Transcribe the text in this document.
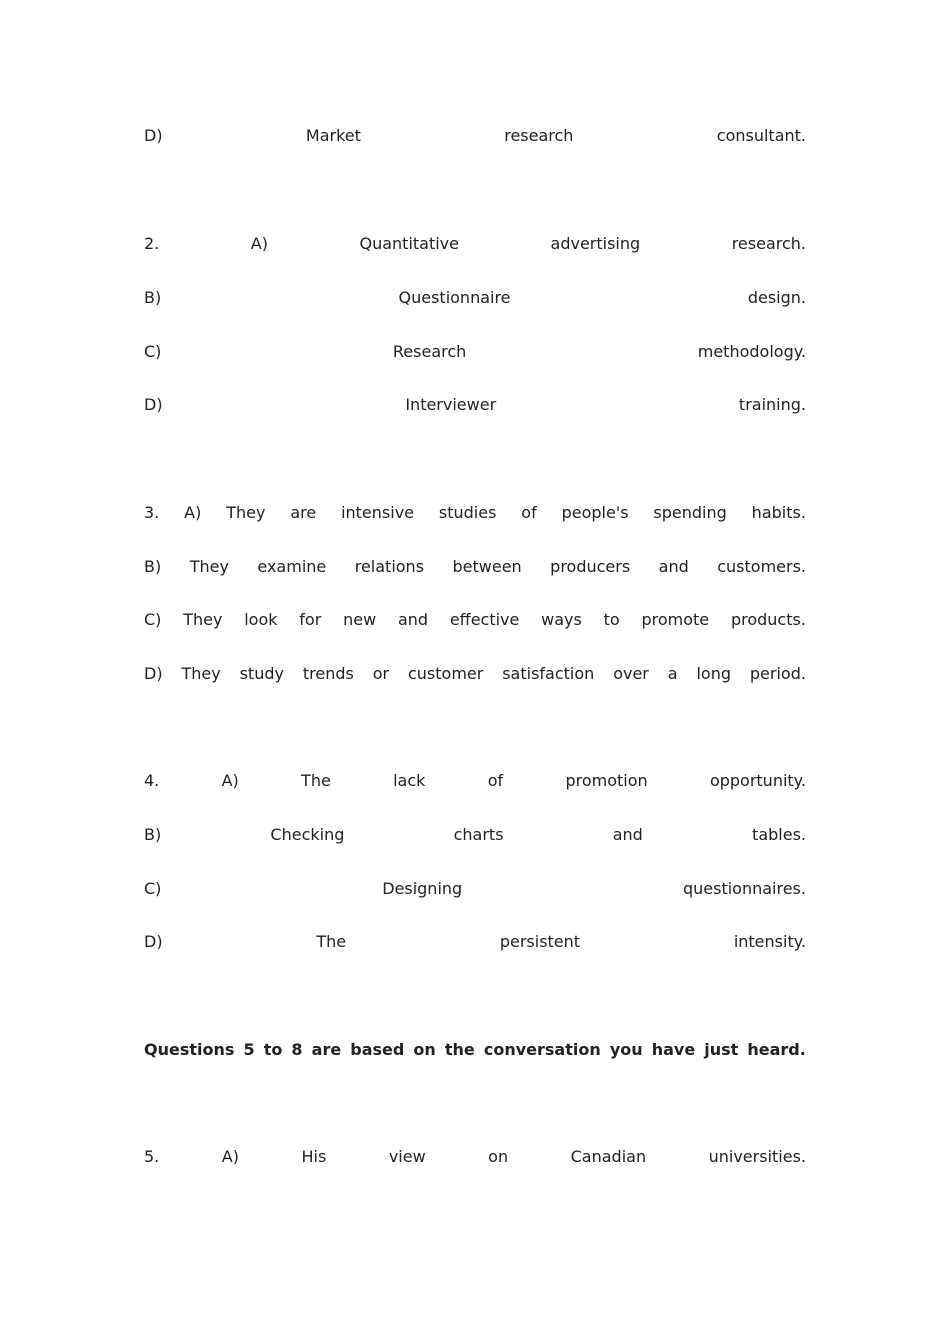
D)	Market	research	consultant.
2.	A)	Quantitative	advertising	research.
B)	Questionnaire	design.
C)	Research	methodology.
D)	Interviewer	training.
3. A) They are intensive studies of people's spending habits.
B) They examine relations between producers and customers.
C) They look for new and effective ways to promote products.
D) They study trends or customer satisfaction over a long period.
4.	A)	The	lack	of	promotion	opportunity.
B)	Checking	charts	and	tables.
C)	Designing	questionnaires.
D)	The	persistent	intensity.
Questions 5 to 8 are based on the conversation you have just heard.
5.	A)	His	view	on	Canadian	universities.
